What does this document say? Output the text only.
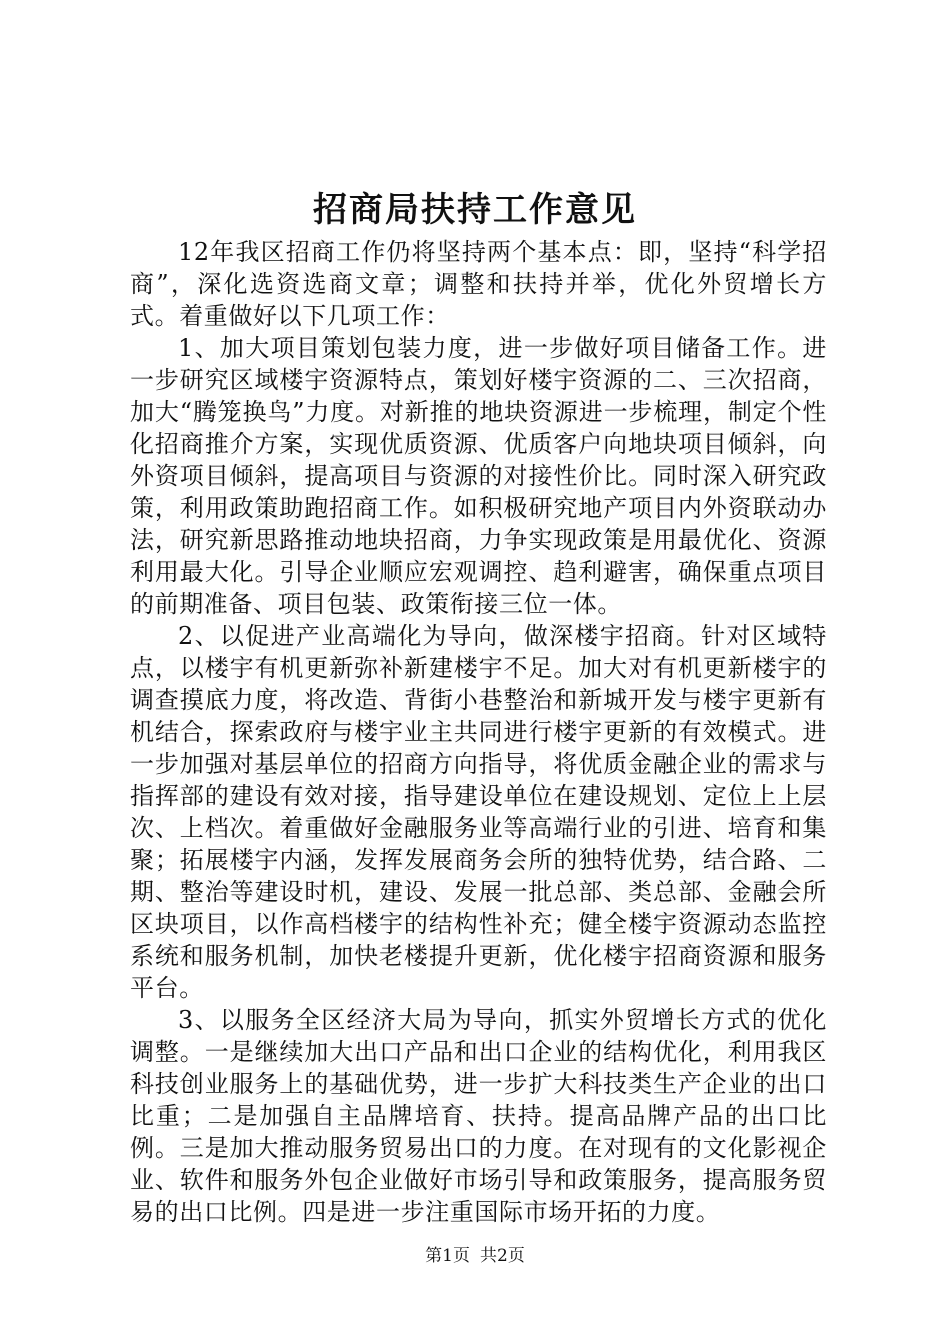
招商局扶持工作意见

12年我区招商工作仍将坚持两个基本点：即，坚持“科学招商”，深化选资选商文章；调整和扶持并举，优化外贸增长方式。着重做好以下几项工作：

1、加大项目策划包装力度，进一步做好项目储备工作。进一步研究区域楼宇资源特点，策划好楼宇资源的二、三次招商，加大“腾笼换鸟”力度。对新推的地块资源进一步梳理，制定个性化招商推介方案，实现优质资源、优质客户向地块项目倾斜，向外资项目倾斜，提高项目与资源的对接性价比。同时深入研究政策，利用政策助跑招商工作。如积极研究地产项目内外资联动办法，研究新思路推动地块招商，力争实现政策是用最优化、资源利用最大化。引导企业顺应宏观调控、趋利避害，确保重点项目的前期准备、项目包装、政策衔接三位一体。

2、以促进产业高端化为导向，做深楼宇招商。针对区域特点，以楼宇有机更新弥补新建楼宇不足。加大对有机更新楼宇的调查摸底力度，将改造、背街小巷整治和新城开发与楼宇更新有机结合，探索政府与楼宇业主共同进行楼宇更新的有效模式。进一步加强对基层单位的招商方向指导，将优质金融企业的需求与指挥部的建设有效对接，指导建设单位在建设规划、定位上上层次、上档次。着重做好金融服务业等高端行业的引进、培育和集聚；拓展楼宇内涵，发挥发展商务会所的独特优势，结合路、二期、整治等建设时机，建设、发展一批总部、类总部、金融会所区块项目，以作高档楼宇的结构性补充；健全楼宇资源动态监控系统和服务机制，加快老楼提升更新，优化楼宇招商资源和服务平台。

3、以服务全区经济大局为导向，抓实外贸增长方式的优化调整。一是继续加大出口产品和出口企业的结构优化，利用我区科技创业服务上的基础优势，进一步扩大科技类生产企业的出口比重；二是加强自主品牌培育、扶持。提高品牌产品的出口比例。三是加大推动服务贸易出口的力度。在对现有的文化影视企业、软件和服务外包企业做好市场引导和政策服务，提高服务贸易的出口比例。四是进一步注重国际市场开拓的力度。

第1页 共2页
